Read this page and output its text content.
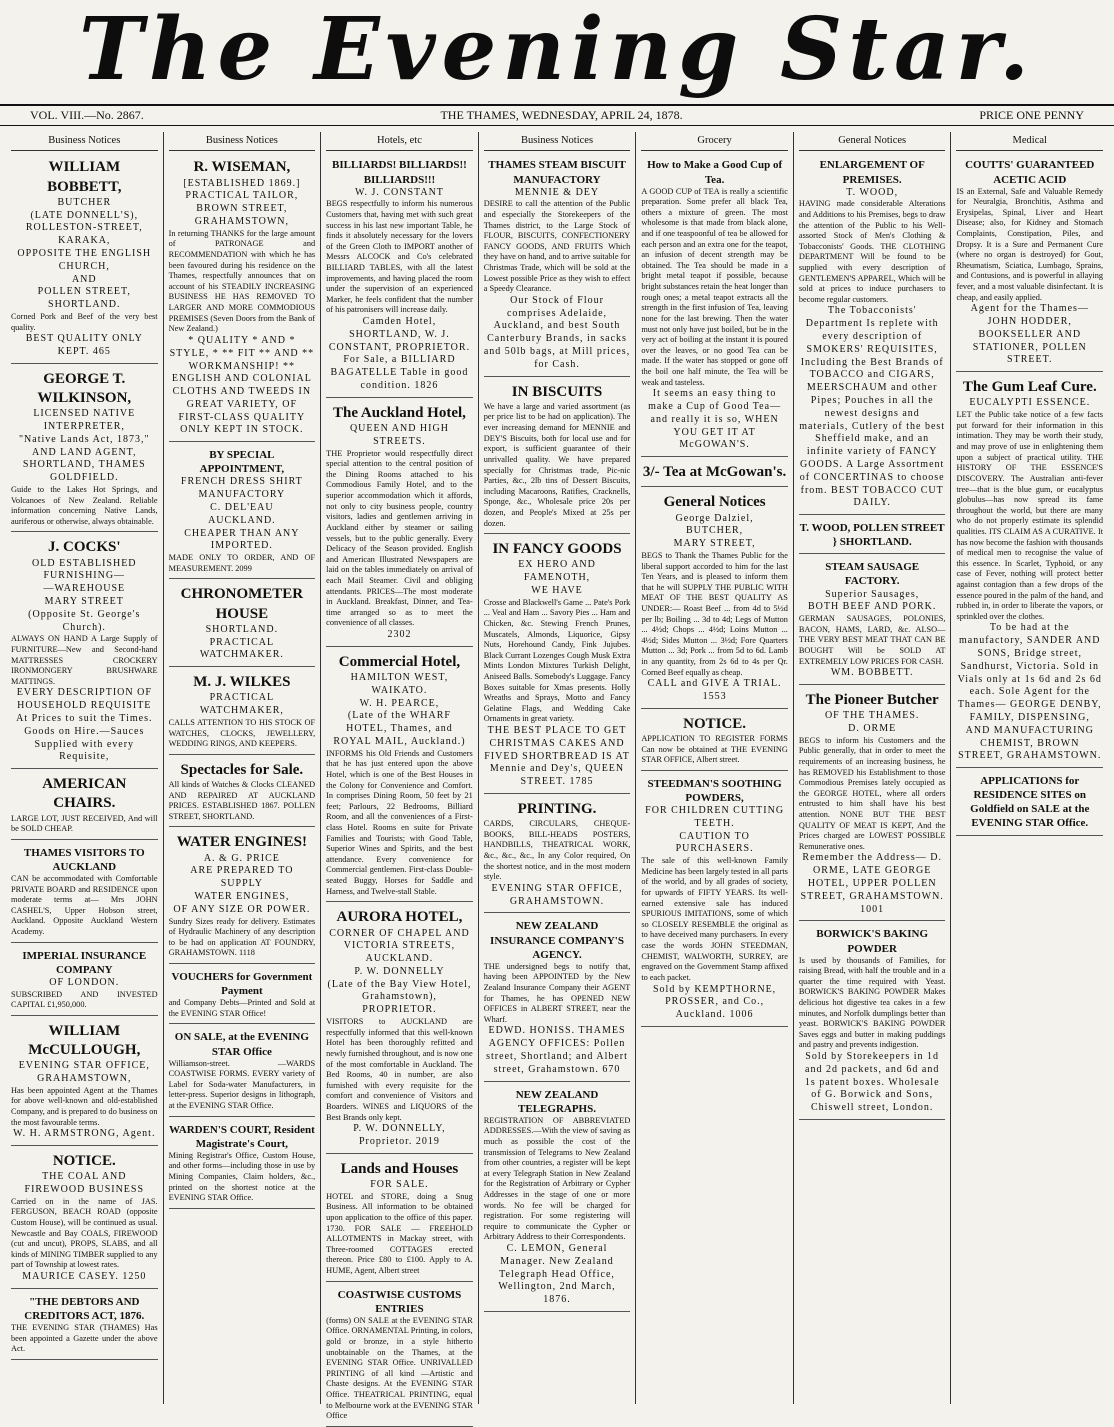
The Evening Star.
VOL. VIII.—No. 2867.	THE THAMES, WEDNESDAY, APRIL 24, 1878.	PRICE ONE PENNY
Business Notices
WILLIAM BOBBETT,
BUTCHER
(LATE DONNELL'S),
ROLLESTON-STREET, KARAKA,
OPPOSITE THE ENGLISH CHURCH,
AND
POLLEN STREET, SHORTLAND.
Corned Pork and Beef of the very best quality.
BEST QUALITY ONLY KEPT. 465
GEORGE T. WILKINSON,
LICENSED NATIVE INTERPRETER,
"Native Lands Act, 1873,"
AND LAND AGENT,
SHORTLAND, THAMES GOLDFIELD.
Guide to the Lakes Hot Springs, and Volcanoes of New Zealand. Reliable information concerning Native Lands, auriferous or otherwise, always obtainable.
J. COCKS'
OLD ESTABLISHED
FURNISHING—
—WAREHOUSE
MARY STREET
(Opposite St. George's Church).
ALWAYS ON HAND A Large Supply of FURNITURE—New and Second-hand MATTRESSES CROCKERY IRONMONGERY BRUSHWARE MATTINGS.
EVERY DESCRIPTION OF HOUSEHOLD REQUISITE At Prices to suit the Times. Goods on Hire.—Sauces Supplied with every Requisite,
AMERICAN CHAIRS.
LARGE LOT, JUST RECEIVED, And will be SOLD CHEAP.
THAMES VISITORS TO AUCKLAND
CAN be accommodated with Comfortable PRIVATE BOARD and RESIDENCE upon moderate terms at— Mrs JOHN CASHEL'S, Upper Hobson street, Auckland. Opposite Auckland Western Academy.
IMPERIAL INSURANCE COMPANY
OF LONDON.
SUBSCRIBED AND INVESTED CAPITAL £1,950,000.
WILLIAM McCULLOUGH,
EVENING STAR OFFICE,
GRAHAMSTOWN,
Has been appointed Agent at the Thames for above well-known and old-established Company, and is prepared to do business on the most favourable terms.
W. H. ARMSTRONG, Agent.
NOTICE.
THE COAL AND FIREWOOD BUSINESS
Carried on in the name of JAS. FERGUSON, BEACH ROAD (opposite Custom House), will be continued as usual. Newcastle and Bay COALS, FIREWOOD (cut and uncut), PROPS, SLABS, and all kinds of MINING TIMBER supplied to any part of Township at lowest rates.
MAURICE CASEY. 1250
"THE DEBTORS AND CREDITORS ACT, 1876.
THE EVENING STAR (THAMES) Has been appointed a Gazette under the above Act.
Business Notices
R. WISEMAN,
[ESTABLISHED 1869.]
PRACTICAL TAILOR,
BROWN STREET,
GRAHAMSTOWN,
In returning THANKS for the large amount of PATRONAGE and RECOMMENDATION with which he has been favoured during his residence on the Thames, respectfully announces that on account of his STEADILY INCREASING BUSINESS HE HAS REMOVED TO LARGER AND MORE COMMODIOUS PREMISES (Seven Doors from the Bank of New Zealand.)
* QUALITY * AND * STYLE, * ** FIT ** AND ** WORKMANSHIP! ** ENGLISH AND COLONIAL CLOTHS AND TWEEDS IN GREAT VARIETY, OF FIRST-CLASS QUALITY ONLY KEPT IN STOCK.
BY SPECIAL APPOINTMENT,
FRENCH DRESS SHIRT MANUFACTORY
C. DEL'EAU
AUCKLAND.
CHEAPER THAN ANY IMPORTED.
MADE ONLY TO ORDER, AND OF MEASUREMENT. 2099
CHRONOMETER HOUSE
SHORTLAND.
PRACTICAL
WATCHMAKER.
M. J. WILKES
PRACTICAL WATCHMAKER,
CALLS ATTENTION TO HIS STOCK OF WATCHES, CLOCKS, JEWELLERY, WEDDING RINGS, AND KEEPERS.
Spectacles for Sale.
All kinds of Watches & Clocks CLEANED AND REPAIRED AT AUCKLAND PRICES. ESTABLISHED 1867. POLLEN STREET, SHORTLAND.
WATER ENGINES!
A. & G. PRICE
ARE PREPARED TO SUPPLY
WATER ENGINES,
OF ANY SIZE OR POWER.
Sundry Sizes ready for delivery. Estimates of Hydraulic Machinery of any description to be had on application AT FOUNDRY, GRAHAMSTOWN. 1118
VOUCHERS for Government Payment
and Company Debts—Printed and Sold at the EVENING STAR Office!
ON SALE, at the EVENING STAR Office
Williamson-street. —WARDS COASTWISE FORMS. EVERY variety of Label for Soda-water Manufacturers, in letter-press. Superior designs in lithograph, at the EVENING STAR Office.
WARDEN'S COURT, Resident Magistrate's Court,
Mining Registrar's Office, Custom House, and other forms—including those in use by Mining Companies, Claim holders, &c., printed on the shortest notice at the EVENING STAR Office.
Hotels, etc
BILLIARDS! BILLIARDS!! BILLIARDS!!!
W. J. CONSTANT
BEGS respectfully to inform his numerous Customers that, having met with such great success in his last new important Table, he finds it absolutely necessary for the lovers of the Green Cloth to IMPORT another of Messrs ALCOCK and Co's celebrated BILLIARD TABLES, with all the latest improvements, and having placed the room under the supervision of an experienced Marker, he feels confident that the number of his patronisers will increase daily.
Camden Hotel, SHORTLAND, W. J. CONSTANT, PROPRIETOR. For Sale, a BILLIARD BAGATELLE Table in good condition. 1826
The Auckland Hotel,
QUEEN AND HIGH STREETS.
THE Proprietor would respectfully direct special attention to the central position of the Dining Rooms attached to his Commodious Family Hotel, and to the superior accommodation which it affords, not only to city business people, country visitors, ladies and gentlemen arriving in Auckland either by steamer or sailing vessels, but to the public generally. Every Delicacy of the Season provided. English and American Illustrated Newspapers are laid on the tables immediately on arrival of each Mail Steamer. Civil and obliging attendants. PRICES—The most moderate in Auckland. Breakfast, Dinner, and Tea-time arranged so as to meet the convenience of all classes.
2302
Commercial Hotel,
HAMILTON WEST, WAIKATO.
W. H. PEARCE,
(Late of the WHARF HOTEL, Thames, and ROYAL MAIL, Auckland.)
INFORMS his Old Friends and Customers that he has just entered upon the above Hotel, which is one of the Best Houses in the Colony for Convenience and Comfort. In comprises Dining Room, 50 feet by 21 feet; Parlours, 22 Bedrooms, Billiard Room, and all the conveniences of a First-class Hotel. Rooms en suite for Private Families and Tourists; with Good Table, Superior Wines and Spirits, and the best attendance. Every convenience for Commercial gentlemen. First-class Double-seated Buggy, Horses for Saddle and Harness, and Twelve-stall Stable.
AURORA HOTEL,
CORNER OF CHAPEL AND VICTORIA STREETS, AUCKLAND.
P. W. DONNELLY
(Late of the Bay View Hotel, Grahamstown), PROPRIETOR.
VISITORS to AUCKLAND are respectfully informed that this well-known Hotel has been thoroughly refitted and newly furnished throughout, and is now one of the most comfortable in Auckland. The Bed Rooms, 40 in number, are also furnished with every requisite for the comfort and convenience of Visitors and Boarders. WINES and LIQUORS of the Best Brands only kept.
P. W. DONNELLY, Proprietor. 2019
Lands and Houses
FOR SALE.
HOTEL and STORE, doing a Snug Business. All information to be obtained upon application to the office of this paper. 1730. FOR SALE — FREEHOLD ALLOTMENTS in Mackay street, with Three-roomed COTTAGES erected thereon. Price £80 to £100. Apply to A. HUME, Agent, Albert street
COASTWISE CUSTOMS ENTRIES
(forms) ON SALE at the EVENING STAR Office. ORNAMENTAL Printing, in colors, gold or bronze, in a style hitherto unobtainable on the Thames, at the EVENING STAR Office. UNRIVALLED PRINTING of all kind —Artistic and Chaste designs. At the EVENING STAR Office. THEATRICAL PRINTING, equal to Melbourne work at the EVENING STAR Office
Business Notices
THAMES STEAM BISCUIT MANUFACTORY
MENNIE & DEY
DESIRE to call the attention of the Public and especially the Storekeepers of the Thames district, to the Large Stock of FLOUR, BISCUITS, CONFECTIONERY FANCY GOODS, AND FRUITS Which they have on hand, and to arrive suitable for Christmas Trade, which will be sold at the Lowest possible Price as they wish to effect a Speedy Clearance.
Our Stock of Flour comprises Adelaide, Auckland, and best South Canterbury Brands, in sacks and 50lb bags, at Mill prices, for Cash.
IN BISCUITS
We have a large and varied assortment (as per price list to be had on application). The ever increasing demand for MENNIE and DEY'S Biscuits, both for local use and for export, is sufficient guarantee of their unrivalled quality. We have prepared specially for Christmas trade, Pic-nic Parties, &c., 2lb tins of Dessert Biscuits, including Macaroons, Ratifies, Cracknells, Sponge, &c., Wholesale price 20s per dozen, and People's Mixed at 25s per dozen.
IN FANCY GOODS
EX HERO AND FAMENOTH,
WE HAVE
Crosse and Blackwell's Game ... Pate's Pork ... Veal and Ham ... Savory Pies ... Ham and Chicken, &c. Stewing French Prunes, Muscatels, Almonds, Liquorice, Gipsy Nuts, Horehound Candy, Fink Jujubes. Black Currant Lozenges Cough Musk Extra Mints London Mixtures Turkish Delight, Aniseed Balls. Somebody's Luggage. Fancy Boxes suitable for Xmas presents. Holly Wreaths and Sprays, Motto and Fancy Gelatine Flags, and Wedding Cake Ornaments in great variety.
THE BEST PLACE TO GET CHRISTMAS CAKES AND FIVED SHORTBREAD IS AT Mennie and Dey's, QUEEN STREET. 1785
PRINTING.
CARDS, CIRCULARS, CHEQUE-BOOKS, BILL-HEADS POSTERS, HANDBILLS, THEATRICAL WORK, &c., &c., &c., In any Color required, On the shortest notice, and in the most modern style.
EVENING STAR OFFICE, GRAHAMSTOWN.
NEW ZEALAND INSURANCE COMPANY'S AGENCY.
THE undersigned begs to notify that, having been APPOINTED by the New Zealand Insurance Company their AGENT for Thames, he has OPENED NEW OFFICES in ALBERT STREET, near the Wharf.
EDWD. HONISS. THAMES AGENCY OFFICES: Pollen street, Shortland; and Albert street, Grahamstown. 670
NEW ZEALAND TELEGRAPHS.
REGISTRATION OF ABBREVIATED ADDRESSES.—With the view of saving as much as possible the cost of the transmission of Telegrams to New Zealand from other countries, a register will be kept at every Telegraph Station in New Zealand for the Registration of Arbitrary or Cypher Addresses in the stage of one or more words. No fee will be charged for registration. For some registering will require to communicate the Cypher or Arbitrary Address to their Correspondents.
C. LEMON, General Manager. New Zealand Telegraph Head Office, Wellington, 2nd March, 1876.
Grocery
How to Make a Good Cup of Tea.
A GOOD CUP of TEA is really a scientific preparation. Some prefer all black Tea, others a mixture of green. The most wholesome is that made from black alone, and if one teaspoonful of tea be allowed for each person and an extra one for the teapot, an infusion of decent strength may be obtained. The Tea should be made in a bright metal teapot if possible, because bright substances retain the heat longer than rough ones; a metal teapot extracts all the strength in the first infusion of Tea, leaving none for the last brewing. Then the water must not only have just boiled, but be in the very act of boiling at the instant it is poured over the leaves, or no good Tea can be made. If the water has stopped or gone off the boil one half minute, the Tea will be weak and tasteless.
It seems an easy thing to make a Cup of Good Tea—and really it is so, WHEN YOU GET IT AT McGOWAN'S.
3/- Tea at McGowan's.
General Notices
George Dalziel,
BUTCHER,
MARY STREET,
BEGS to Thank the Thames Public for the liberal support accorded to him for the last Ten Years, and is pleased to inform them that he will SUPPLY THE PUBLIC WITH MEAT OF THE BEST QUALITY AS UNDER:— Roast Beef ... from 4d to 5½d per lb; Boiling ... 3d to 4d; Legs of Mutton ... 4½d; Chops ... 4½d; Loins Mutton ... 4½d; Sides Mutton ... 3½d; Fore Quarters Mutton ... 3d; Pork ... from 5d to 6d. Lamb in any quantity, from 2s 6d to 4s per Qr. Corned Beef equally as cheap.
CALL and GIVE A TRIAL. 1553
NOTICE.
APPLICATION TO REGISTER FORMS Can now be obtained at THE EVENING STAR OFFICE, Albert street.
STEEDMAN'S SOOTHING POWDERS,
FOR CHILDREN CUTTING TEETH.
CAUTION TO PURCHASERS.
The sale of this well-known Family Medicine has been largely tested in all parts of the world, and by all grades of society, for upwards of FIFTY YEARS. Its well-earned extensive sale has induced SPURIOUS IMITATIONS, some of which so CLOSELY RESEMBLE the original as to have deceived many purchasers. In every case the words JOHN STEEDMAN, CHEMIST, WALWORTH, SURREY, are engraved on the Government Stamp affixed to each packet.
Sold by KEMPTHORNE, PROSSER, and Co., Auckland. 1006
General Notices
ENLARGEMENT OF PREMISES.
T. WOOD,
HAVING made considerable Alterations and Additions to his Premises, begs to draw the attention of the Public to his Well-assorted Stock of Men's Clothing & Tobacconists' Goods. THE CLOTHING DEPARTMENT Will be found to be supplied with every description of GENTLEMEN'S APPAREL, Which will be sold at prices to induce purchasers to become regular customers.
The Tobacconists' Department Is replete with every description of SMOKERS' REQUISITES, Including the Best Brands of TOBACCO and CIGARS, MEERSCHAUM and other Pipes; Pouches in all the newest designs and materials, Cutlery of the best Sheffield make, and an infinite variety of FANCY GOODS. A Large Assortment of CONCERTINAS to choose from. BEST TOBACCO CUT DAILY.
T. WOOD, POLLEN STREET } SHORTLAND.
STEAM SAUSAGE FACTORY.
Superior Sausages,
BOTH BEEF AND PORK.
GERMAN SAUSAGES, POLONIES, BACON, HAMS, LARD, &c. ALSO— THE VERY BEST MEAT THAT CAN BE BOUGHT Will be SOLD AT EXTREMELY LOW PRICES FOR CASH.
WM. BOBBETT.
The Pioneer Butcher
OF THE THAMES.
D. ORME
BEGS to inform his Customers and the Public generally, that in order to meet the requirements of an increasing business, he has REMOVED his Establishment to those Commodious Premises lately occupied as the GEORGE HOTEL, where all orders entrusted to him shall have his best attention. NONE BUT THE BEST QUALITY OF MEAT IS KEPT, And the Prices charged are LOWEST POSSIBLE Remunerative ones.
Remember the Address— D. ORME, LATE GEORGE HOTEL, UPPER POLLEN STREET, GRAHAMSTOWN. 1001
BORWICK'S BAKING POWDER
Is used by thousands of Families, for raising Bread, with half the trouble and in a quarter the time required with Yeast. BORWICK'S BAKING POWDER Makes delicious hot digestive tea cakes in a few minutes, and Norfolk dumplings better than yeast. BORWICK'S BAKING POWDER Saves eggs and butter in making puddings and pastry and prevents indigestion.
Sold by Storekeepers in 1d and 2d packets, and 6d and 1s patent boxes. Wholesale of G. Borwick and Sons, Chiswell street, London.
Medical
COUTTS' GUARANTEED ACETIC ACID
IS an External, Safe and Valuable Remedy for Neuralgia, Bronchitis, Asthma and Erysipelas, Spinal, Liver and Heart Disease; also, for Kidney and Stomach Complaints, Constipation, Piles, and Dropsy. It is a Sure and Permanent Cure (where no organ is destroyed) for Gout, Rheumatism, Sciatica, Lumbago, Sprains, and Contusions, and is powerful in allaying fever, and a most valuable disinfectant. It is cheap, and easily applied.
Agent for the Thames— JOHN HODDER, BOOKSELLER AND STATIONER, POLLEN STREET.
The Gum Leaf Cure.
EUCALYPTI ESSENCE.
LET the Public take notice of a few facts put forward for their information in this intimation. They may be worth their study, and may prove of use in enlightening them upon a subject of practical utility. THE HISTORY OF THE ESSENCE'S DISCOVERY. The Australian anti-fever tree—that is the blue gum, or eucalyptus globulus—has now spread its fame throughout the world, but there are many who do not properly estimate its splendid qualities. ITS CLAIM AS A CURATIVE. It has now become the fashion with thousands of medical men to recognise the value of this essence. In Scarlet, Typhoid, or any case of Fever, nothing will protect better against contagion than a few drops of the essence poured in the palm of the hand, and rubbed in, in order to liberate the vapors, or sprinkled over the clothes.
To be had at the manufactory, SANDER AND SONS, Bridge street, Sandhurst, Victoria. Sold in Vials only at 1s 6d and 2s 6d each. Sole Agent for the Thames— GEORGE DENBY, FAMILY, DISPENSING, AND MANUFACTURING CHEMIST, BROWN STREET, GRAHAMSTOWN.
APPLICATIONS for RESIDENCE SITES on Goldfield on SALE at the EVENING STAR Office.
